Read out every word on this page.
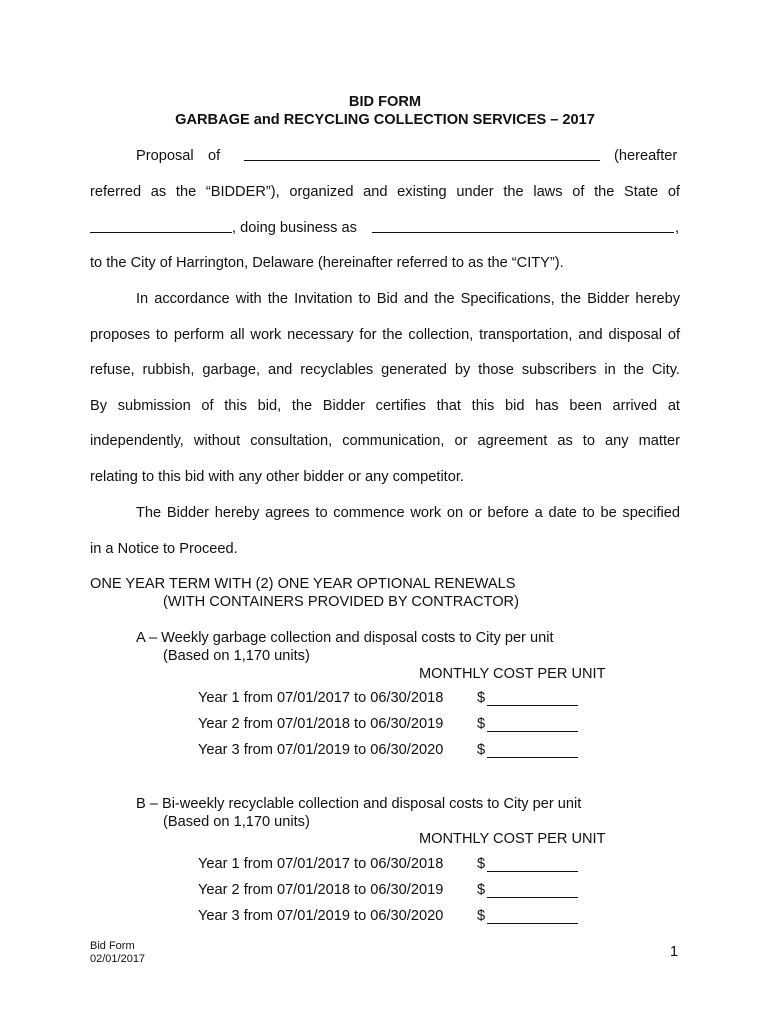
BID FORM
GARBAGE and RECYCLING COLLECTION SERVICES – 2017
Proposal of	(hereafter
referred as the “BIDDER”), organized and existing under the laws of the State of
, doing business as	,
to the City of Harrington, Delaware (hereinafter referred to as the “CITY”).
In accordance with the Invitation to Bid and the Specifications, the Bidder hereby
proposes to perform all work necessary for the collection, transportation, and disposal of
refuse, rubbish, garbage, and recyclables generated by those subscribers in the City.
By submission of this bid, the Bidder certifies that this bid has been arrived at
independently, without consultation, communication, or agreement as to any matter
relating to this bid with any other bidder or any competitor.
The Bidder hereby agrees to commence work on or before a date to be specified
in a Notice to Proceed.
ONE YEAR TERM WITH (2) ONE YEAR OPTIONAL RENEWALS
(WITH CONTAINERS PROVIDED BY CONTRACTOR)
A – Weekly garbage collection and disposal costs to City per unit
(Based on 1,170 units)
MONTHLY COST PER UNIT
Year 1 from 07/01/2017 to 06/30/2018 $
Year 2 from 07/01/2018 to 06/30/2019 $
Year 3 from 07/01/2019 to 06/30/2020 $
B – Bi-weekly recyclable collection and disposal costs to City per unit
(Based on 1,170 units)
MONTHLY COST PER UNIT
Year 1 from 07/01/2017 to 06/30/2018 $
Year 2 from 07/01/2018 to 06/30/2019 $
Year 3 from 07/01/2019 to 06/30/2020 $
Bid Form
02/01/2017	1
